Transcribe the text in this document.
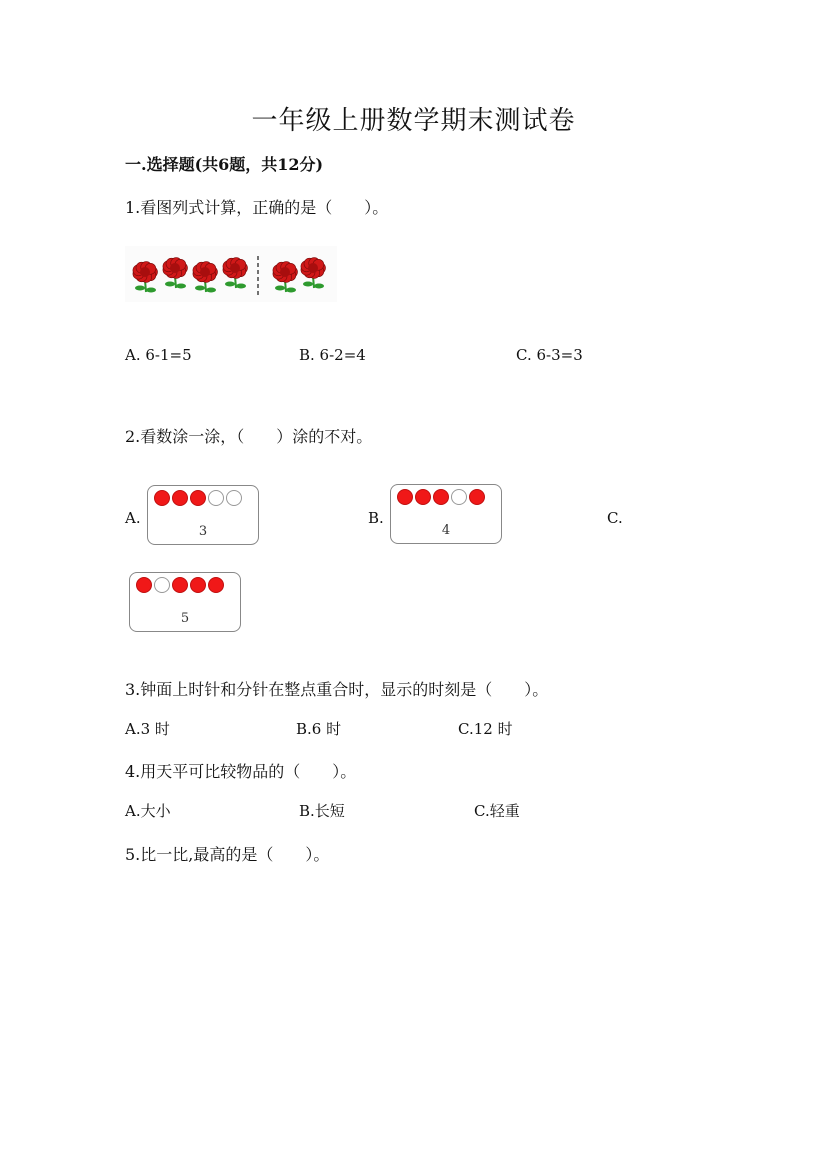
一年级上册数学期末测试卷
一.选择题(共6题，共12分)
1.看图列式计算，正确的是（　　）。
A. 6-1=5	B. 6-2=4	C. 6-3=3
2.看数涂一涂，（　　）涂的不对。
A.
3
B.
4
C.
5
3.钟面上时针和分针在整点重合时，显示的时刻是（　　）。
A.3 时	B.6 时	C.12 时
4.用天平可比较物品的（　　）。
A.大小	B.长短	C.轻重
5.比一比,最高的是（　　）。
